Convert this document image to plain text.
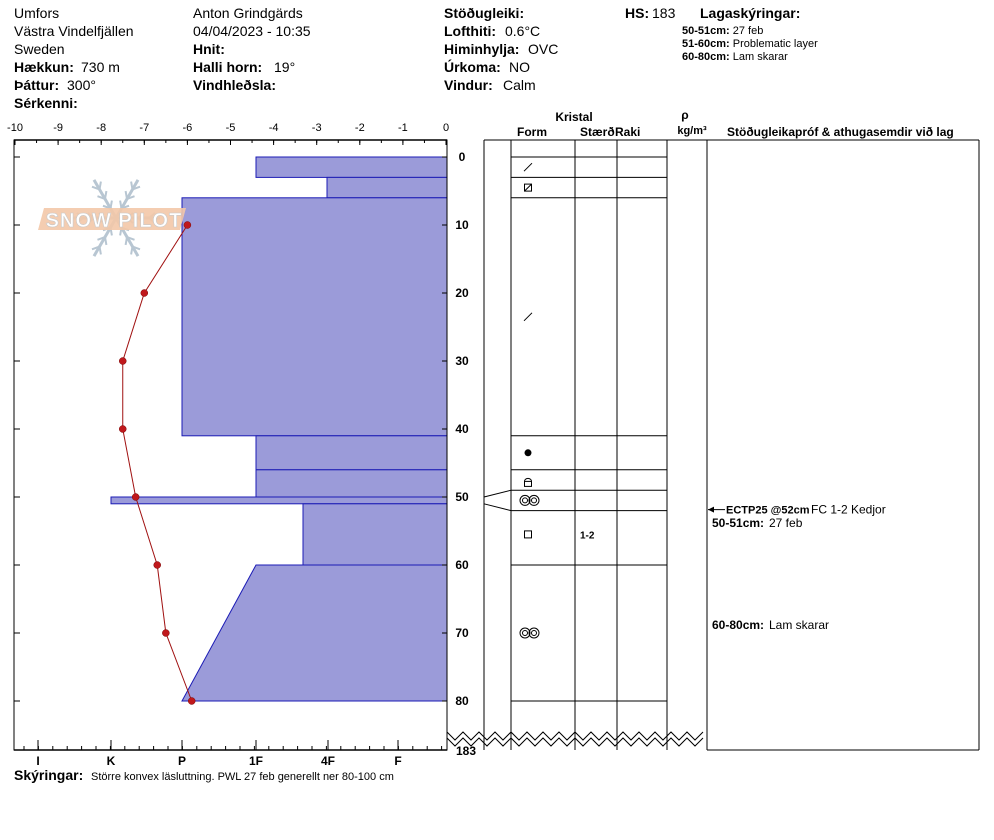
Umfors
Västra Vindelfjällen
Sweden
Hækkun: 730 m
Þáttur: 300°
Sérkenni:
Anton Grindgärds
04/04/2023 - 10:35
Hnit:
Halli horn: 19°
Vindhleðsla:
Stöðugleiki:
Lofthiti: 0.6°C
Himinhylja: OVC
Úrkoma: NO
Vindur: Calm
HS: 183 Lagaskýringar:
50-51cm: 27 feb
51-60cm: Problematic layer
60-80cm: Lam skarar
SNOW PILOT
-10	-9	-8	-7	-6	-5	-4	-3	-2	-1	0
0
10
20
30
40
50
60
70
80
183
I	K	P	1F	4F	F
1-2
Kristal
Form	Stærð Raki
ρ
kg/m³ Stöðugleikapróf & athugasemdir við lag
ECTP25 @52cm FC 1-2 Kedjor
50-51cm: 27 feb
60-80cm: Lam skarar
Skýringar: Större konvex läsluttning. PWL 27 feb generellt ner 80-100 cm
